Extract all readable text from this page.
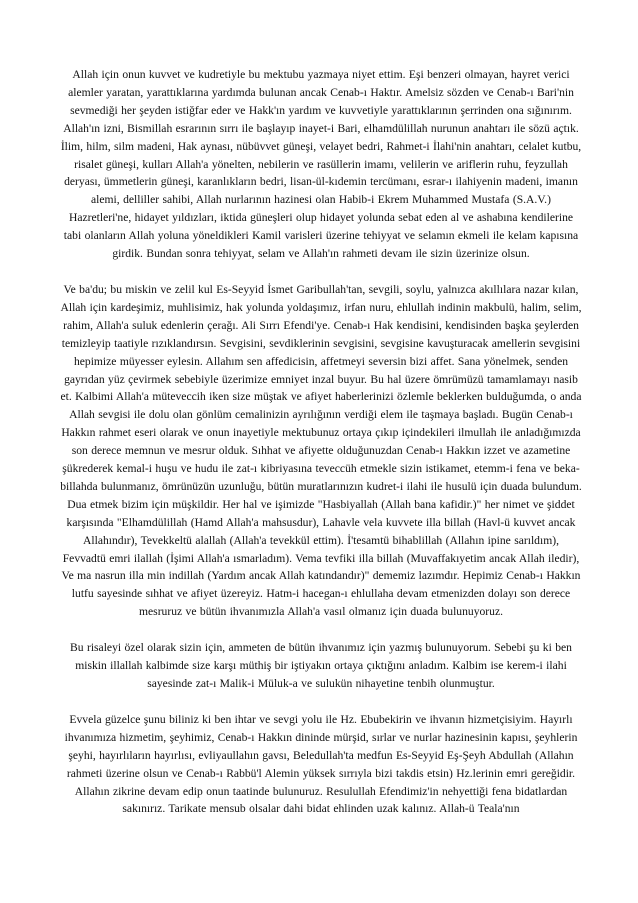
Allah için onun kuvvet ve kudretiyle bu mektubu yazmaya niyet ettim. Eşi benzeri olmayan, hayret verici alemler yaratan, yarattıklarına yardımda bulunan ancak Cenab-ı Haktır. Amelsiz sözden ve Cenab-ı Bari'nin sevmediği her şeyden istiğfar eder ve Hakk'ın yardım ve kuvvetiyle yarattıklarının şerrinden ona sığınırım. Allah'ın izni, Bismillah esrarının sırrı ile başlayıp inayet-i Bari, elhamdülillah nurunun anahtarı ile sözü açtık. İlim, hilm, silm madeni, Hak aynası, nübüvvet güneşi, velayet bedri, Rahmet-i İlahi'nin anahtarı, celalet kutbu, risalet güneşi, kulları Allah'a yönelten, nebilerin ve rasüllerin imamı, velilerin ve ariflerin ruhu, feyzullah deryası, ümmetlerin güneşi, karanlıkların bedri, lisan-ül-kıdemin tercümanı, esrar-ı ilahiyenin madeni, imanın alemi, delliller sahibi, Allah nurlarının hazinesi olan Habib-i Ekrem Muhammed Mustafa (S.A.V.) Hazretleri'ne, hidayet yıldızları, iktida güneşleri olup hidayet yolunda sebat eden al ve ashabına kendilerine tabi olanların Allah yoluna yöneldikleri Kamil varisleri üzerine tehiyyat ve selamın ekmeli ile kelam kapısına girdik. Bundan sonra tehiyyat, selam ve Allah'ın rahmeti devam ile sizin üzerinize olsun.

Ve ba'du; bu miskin ve zelil kul Es-Seyyid İsmet Garibullah'tan, sevgili, soylu, yalnızca akıllılara nazar kılan, Allah için kardeşimiz, muhlisimiz, hak yolunda yoldaşımız, irfan nuru, ehlullah indinin makbulü, halim, selim, rahim, Allah'a suluk edenlerin çerağı. Ali Sırrı Efendi'ye. Cenab-ı Hak kendisini, kendisinden başka şeylerden temizleyip taatiyle rızıklandırsın. Sevgisini, sevdiklerinin sevgisini, sevgisine kavuşturacak amellerin sevgisini hepimize müyesser eylesin. Allahım sen affedicisin, affetmeyi seversin bizi affet. Sana yönelmek, senden gayrıdan yüz çevirmek sebebiyle üzerimize emniyet inzal buyur. Bu hal üzere ömrümüzü tamamlamayı nasib et. Kalbimi Allah'a müteveccih iken size müştak ve afiyet haberlerinizi özlemle beklerken bulduğumda, o anda Allah sevgisi ile dolu olan gönlüm cemalinizin ayrılığının verdiği elem ile taşmaya başladı. Bugün Cenab-ı Hakkın rahmet eseri olarak ve onun inayetiyle mektubunuz ortaya çıkıp içindekileri ilmullah ile anladığımızda son derece memnun ve mesrur olduk. Sıhhat ve afiyette olduğunuzdan Cenab-ı Hakkın izzet ve azametine şükrederek kemal-i huşu ve hudu ile zat-ı kibriyasına teveccüh etmekle sizin istikamet, etemm-i fena ve beka-billahda bulunmanız, ömrünüzün uzunluğu, bütün muratlarınızın kudret-i ilahi ile husulü için duada bulundum. Dua etmek bizim için müşkildir. Her hal ve işimizde "Hasbiyallah (Allah bana kafidir.)" her nimet ve şiddet karşısında "Elhamdülillah (Hamd Allah'a mahsusdur), Lahavle vela kuvvete illa billah (Havl-ü kuvvet ancak Allahındır), Tevekkeltü alallah (Allah'a tevekkül ettim). İ'tesamtü bihablillah (Allahın ipine sarıldım), Fevvadtü emri ilallah (İşimi Allah'a ısmarladım). Vema tevfiki illa billah (Muvaffakıyetim ancak Allah iledir), Ve ma nasrun illa min indillah (Yardım ancak Allah katındandır)" dememiz lazımdır. Hepimiz Cenab-ı Hakkın lutfu sayesinde sıhhat ve afiyet üzereyiz. Hatm-i hacegan-ı ehlullaha devam etmenizden dolayı son derece mesruruz ve bütün ihvanımızla Allah'a vasıl olmanız için duada bulunuyoruz.

Bu risaleyi özel olarak sizin için, ammeten de bütün ihvanımız için yazmış bulunuyorum. Sebebi şu ki ben miskin illallah kalbimde size karşı müthiş bir iştiyakın ortaya çıktığını anladım. Kalbim ise kerem-i ilahi sayesinde zat-ı Malik-i Müluk-a ve sulukün nihayetine tenbih olunmuştur.

Evvela güzelce şunu biliniz ki ben ihtar ve sevgi yolu ile Hz. Ebubekirin ve ihvanın hizmetçisiyim. Hayırlı ihvanımıza hizmetim, şeyhimiz, Cenab-ı Hakkın dininde mürşid, sırlar ve nurlar hazinesinin kapısı, şeyhlerin şeyhi, hayırlıların hayırlısı, evliyaullahın gavsı, Beledullah'ta medfun Es-Seyyid Eş-Şeyh Abdullah (Allahın rahmeti üzerine olsun ve Cenab-ı Rabbü'l Alemin yüksek sırrıyla bizi takdis etsin) Hz.lerinin emri gereğidir. Allahın zikrine devam edip onun taatinde bulunuruz. Resulullah Efendimiz'in nehyettiği fena bidatlardan sakınırız. Tarikate mensub olsalar dahi bidat ehlinden uzak kalınız. Allah-ü Teala'nın
